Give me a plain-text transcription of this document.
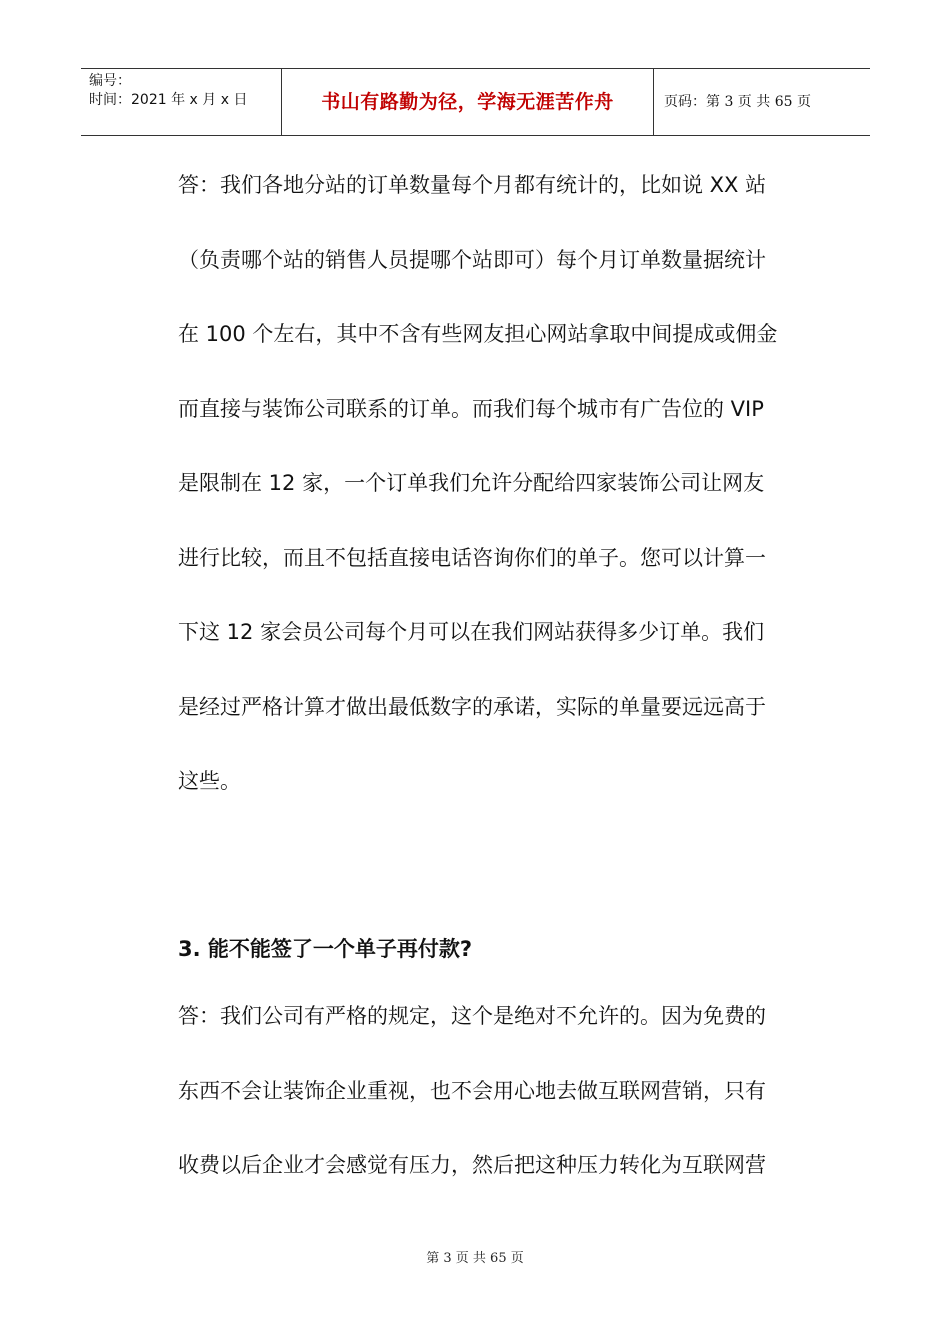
编号：
时间：2021 年 x 月 x 日	书山有路勤为径，学海无涯苦作舟	页码：第 3 页 共 65 页
答：我们各地分站的订单数量每个月都有统计的，比如说 XX 站
（负责哪个站的销售人员提哪个站即可）每个月订单数量据统计
在 100 个左右，其中不含有些网友担心网站拿取中间提成或佣金
而直接与装饰公司联系的订单。而我们每个城市有广告位的 VIP
是限制在 12 家，一个订单我们允许分配给四家装饰公司让网友
进行比较，而且不包括直接电话咨询你们的单子。您可以计算一
下这 12 家会员公司每个月可以在我们网站获得多少订单。我们
是经过严格计算才做出最低数字的承诺，实际的单量要远远高于
这些。
3. 能不能签了一个单子再付款?
答：我们公司有严格的规定，这个是绝对不允许的。因为免费的
东西不会让装饰企业重视，也不会用心地去做互联网营销，只有
收费以后企业才会感觉有压力，然后把这种压力转化为互联网营
第 3 页 共 65 页
